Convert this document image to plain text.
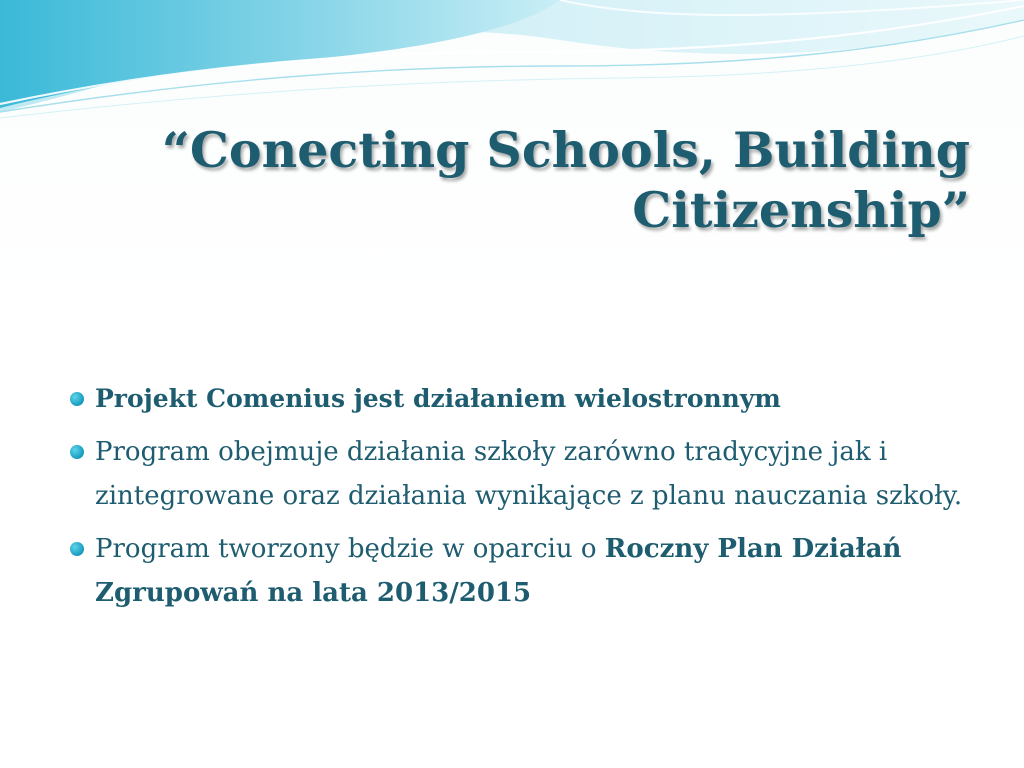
“Conecting Schools, Building
Citizenship”
Projekt Comenius jest działaniem wielostronnym
Program obejmuje działania szkoły zarówno tradycyjne jak i zintegrowane oraz działania wynikające z planu nauczania szkoły.
Program tworzony będzie w oparciu o Roczny Plan Działań Zgrupowań na lata 2013/2015
